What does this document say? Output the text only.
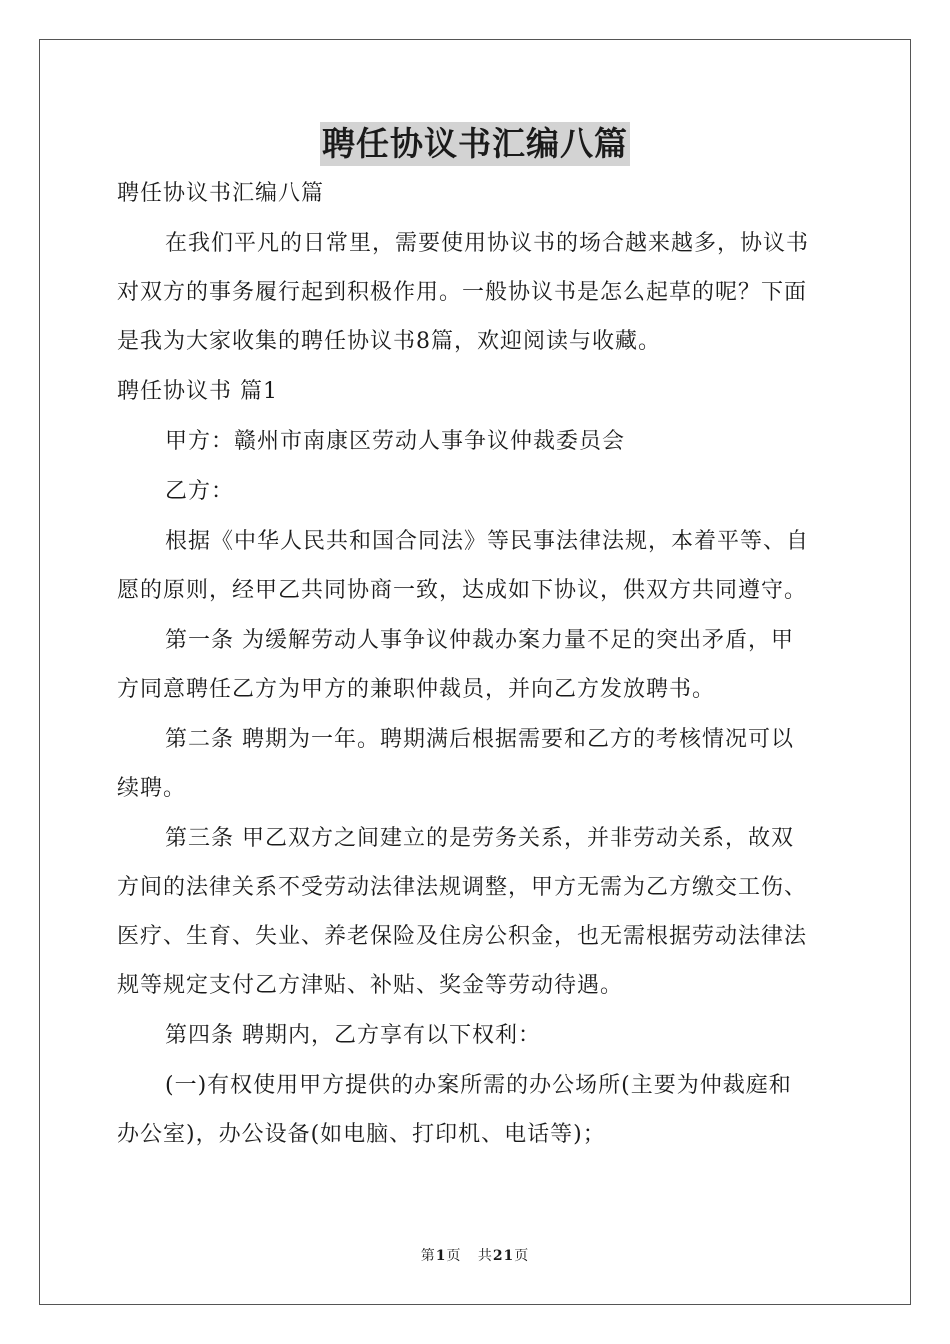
聘任协议书汇编八篇
聘任协议书汇编八篇
在我们平凡的日常里，需要使用协议书的场合越来越多，协议书
对双方的事务履行起到积极作用。一般协议书是怎么起草的呢？下面
是我为大家收集的聘任协议书8篇，欢迎阅读与收藏。
聘任协议书 篇1
甲方：赣州市南康区劳动人事争议仲裁委员会
乙方：
根据《中华人民共和国合同法》等民事法律法规，本着平等、自
愿的原则，经甲乙共同协商一致，达成如下协议，供双方共同遵守。
第一条 为缓解劳动人事争议仲裁办案力量不足的突出矛盾，甲
方同意聘任乙方为甲方的兼职仲裁员，并向乙方发放聘书。
第二条 聘期为一年。聘期满后根据需要和乙方的考核情况可以
续聘。
第三条 甲乙双方之间建立的是劳务关系，并非劳动关系，故双
方间的法律关系不受劳动法律法规调整，甲方无需为乙方缴交工伤、
医疗、生育、失业、养老保险及住房公积金，也无需根据劳动法律法
规等规定支付乙方津贴、补贴、奖金等劳动待遇。
第四条 聘期内，乙方享有以下权利：
(一)有权使用甲方提供的办案所需的办公场所(主要为仲裁庭和
办公室)，办公设备(如电脑、打印机、电话等)；
第1页 共21页
